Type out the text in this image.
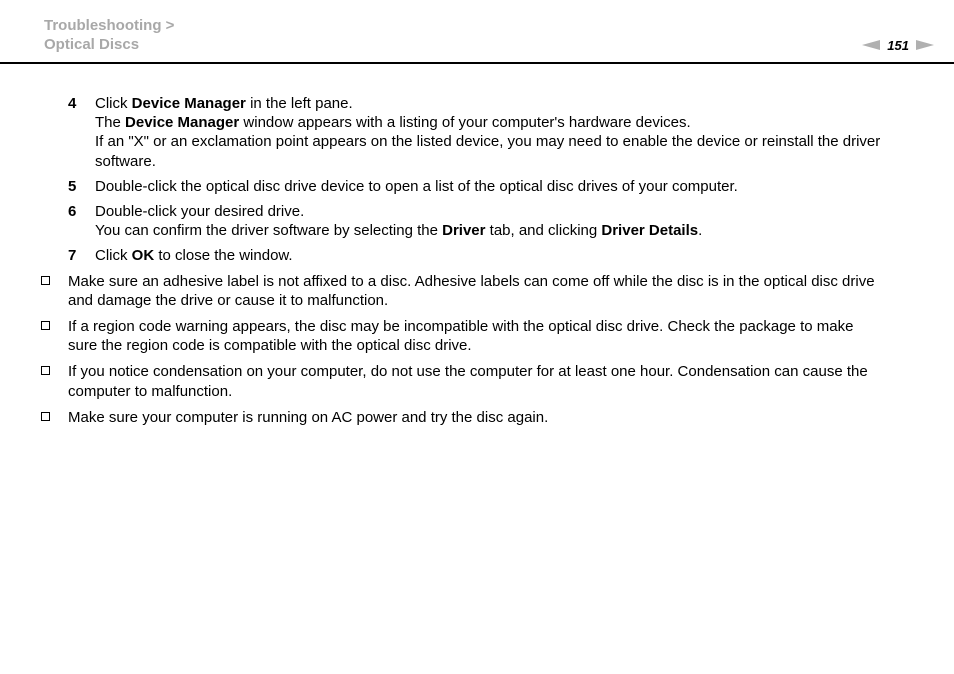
Troubleshooting >
Optical Discs	151
4 Click Device Manager in the left pane.
The Device Manager window appears with a listing of your computer's hardware devices.
If an "X" or an exclamation point appears on the listed device, you may need to enable the device or reinstall the driver
software.
5 Double-click the optical disc drive device to open a list of the optical disc drives of your computer.
6 Double-click your desired drive.
You can confirm the driver software by selecting the Driver tab, and clicking Driver Details.
7 Click OK to close the window.
Make sure an adhesive label is not affixed to a disc. Adhesive labels can come off while the disc is in the optical disc drive
and damage the drive or cause it to malfunction.
If a region code warning appears, the disc may be incompatible with the optical disc drive. Check the package to make
sure the region code is compatible with the optical disc drive.
If you notice condensation on your computer, do not use the computer for at least one hour. Condensation can cause the
computer to malfunction.
Make sure your computer is running on AC power and try the disc again.
